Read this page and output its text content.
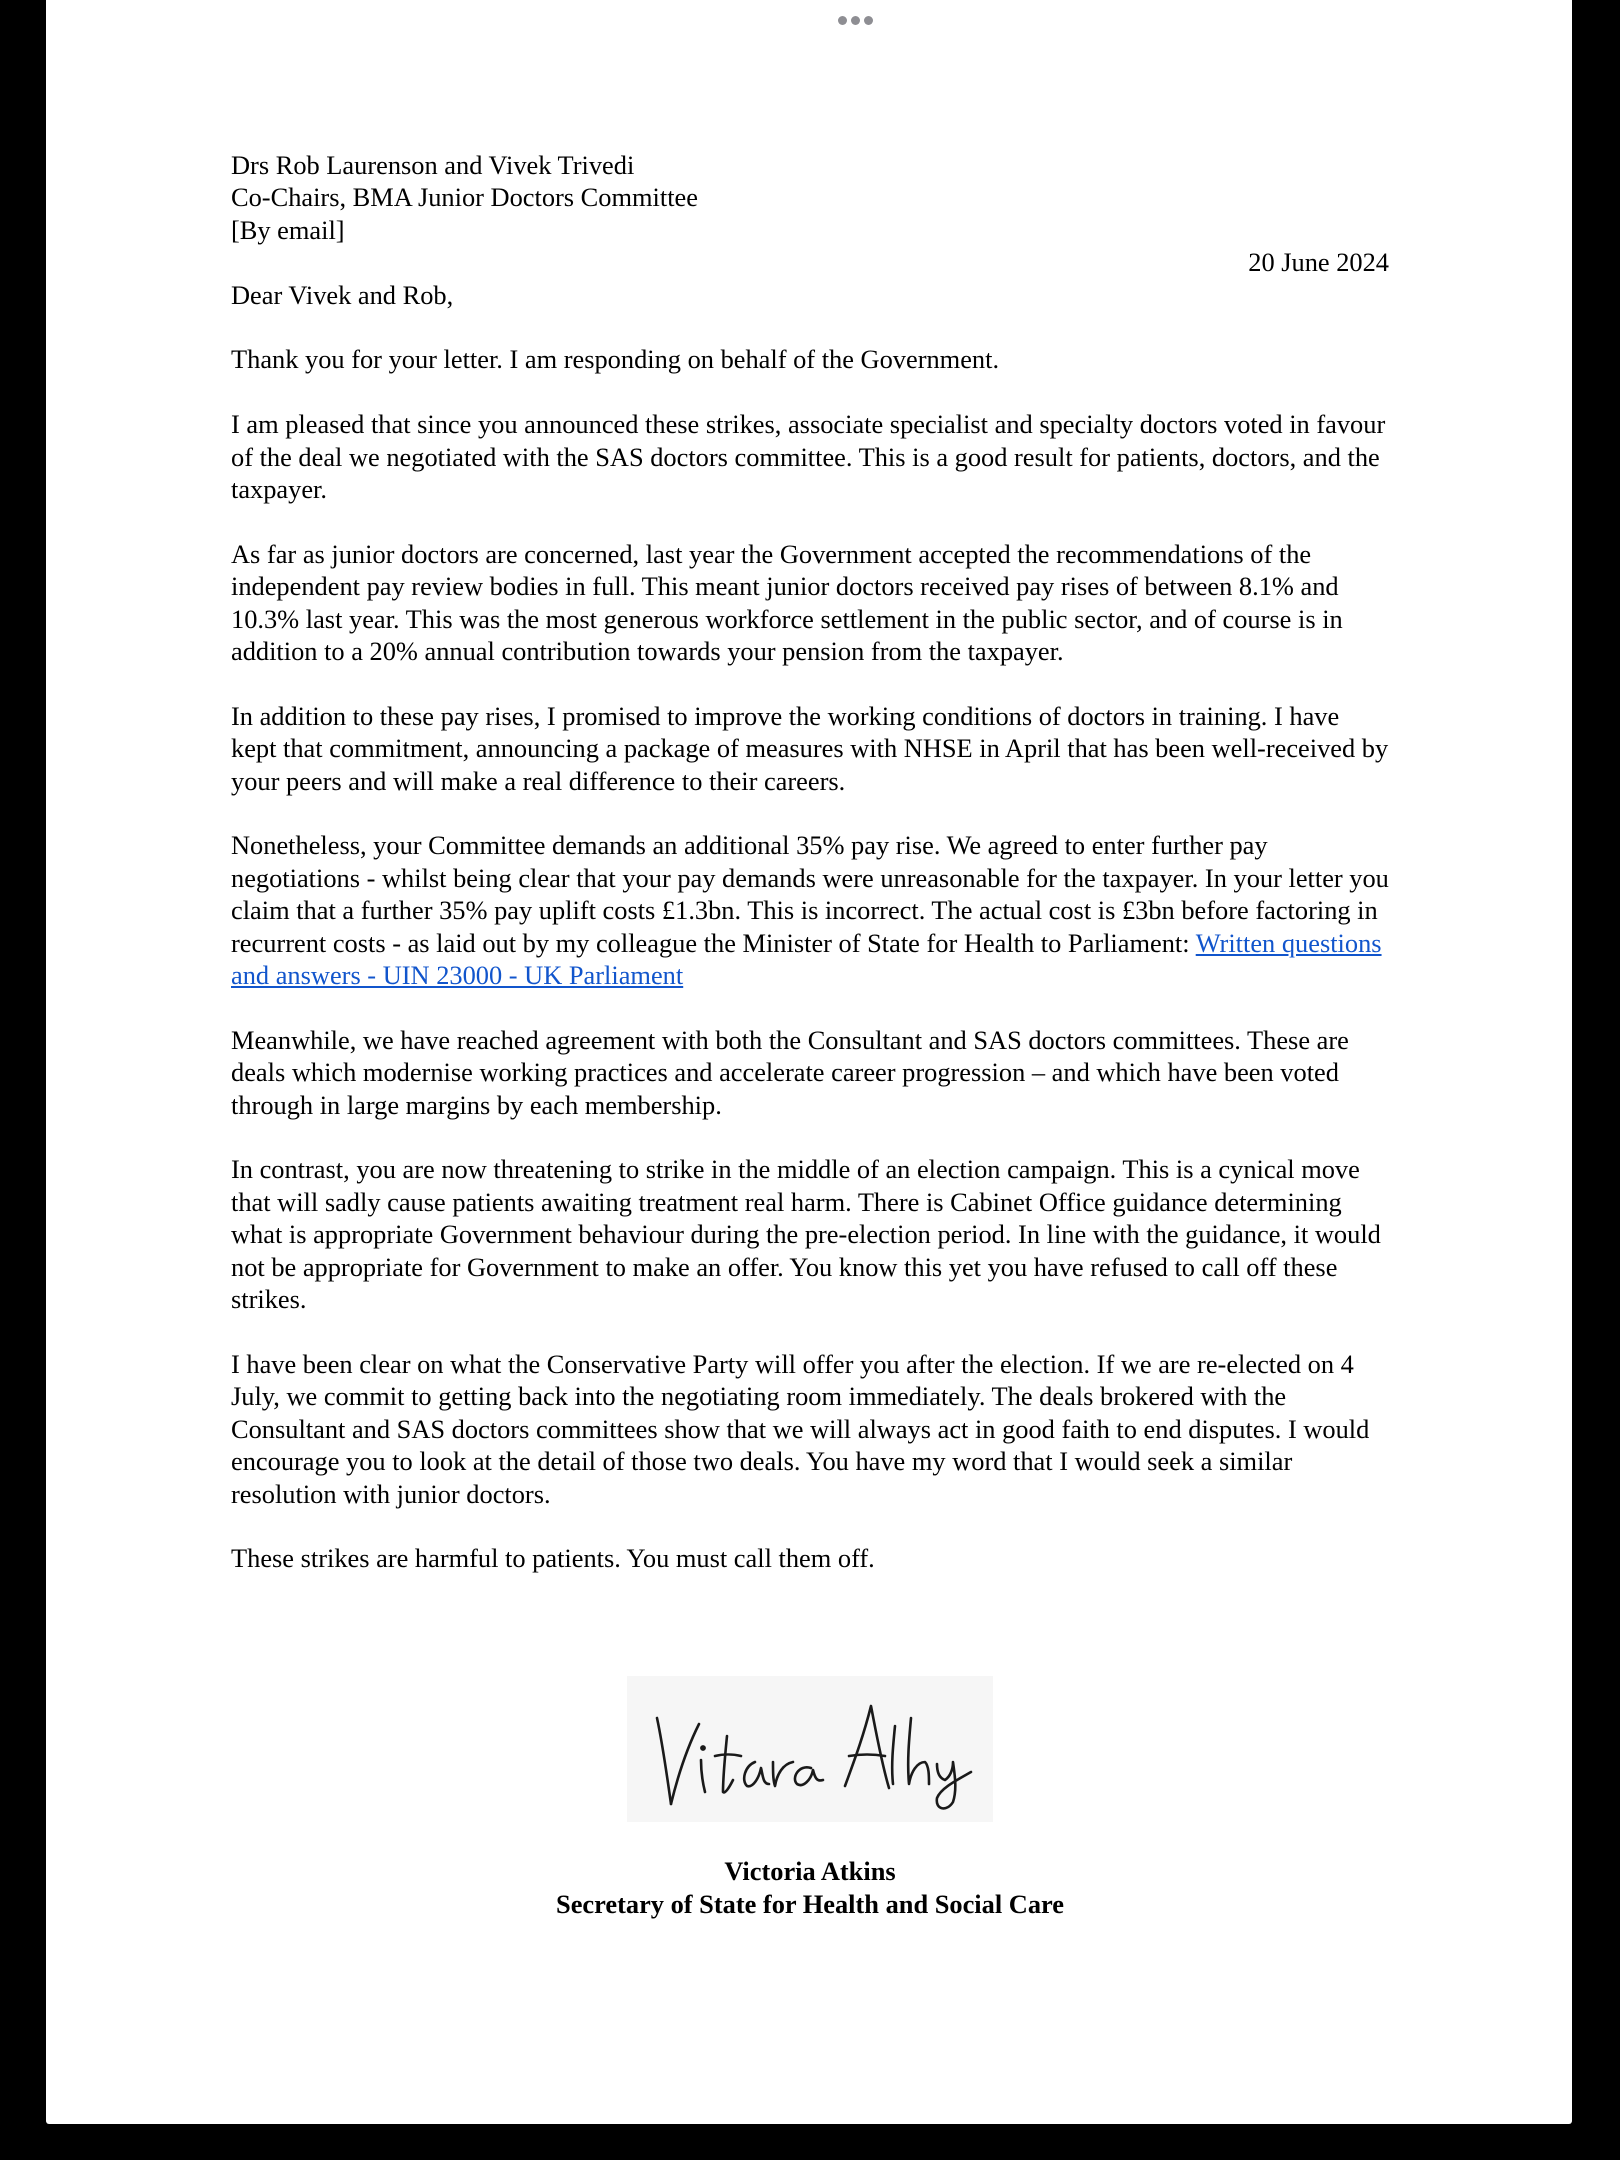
Drs Rob Laurenson and Vivek Trivedi

Co-Chairs, BMA Junior Doctors Committee

[By email]

20 June 2024

Dear Vivek and Rob,

Thank you for your letter. I am responding on behalf of the Government.

I am pleased that since you announced these strikes, associate specialist and specialty doctors voted in favour of the deal we negotiated with the SAS doctors committee. This is a good result for patients, doctors, and the taxpayer.

As far as junior doctors are concerned, last year the Government accepted the recommendations of the independent pay review bodies in full. This meant junior doctors received pay rises of between 8.1% and 10.3% last year. This was the most generous workforce settlement in the public sector, and of course is in addition to a 20% annual contribution towards your pension from the taxpayer.

In addition to these pay rises, I promised to improve the working conditions of doctors in training. I have kept that commitment, announcing a package of measures with NHSE in April that has been well-received by your peers and will make a real difference to their careers.

Nonetheless, your Committee demands an additional 35% pay rise. We agreed to enter further pay negotiations - whilst being clear that your pay demands were unreasonable for the taxpayer. In your letter you claim that a further 35% pay uplift costs £1.3bn. This is incorrect. The actual cost is £3bn before factoring in recurrent costs - as laid out by my colleague the Minister of State for Health to Parliament: Written questions and answers - UIN 23000 - UK Parliament

Meanwhile, we have reached agreement with both the Consultant and SAS doctors committees. These are deals which modernise working practices and accelerate career progression – and which have been voted through in large margins by each membership.

In contrast, you are now threatening to strike in the middle of an election campaign. This is a cynical move that will sadly cause patients awaiting treatment real harm. There is Cabinet Office guidance determining what is appropriate Government behaviour during the pre-election period. In line with the guidance, it would not be appropriate for Government to make an offer. You know this yet you have refused to call off these strikes.

I have been clear on what the Conservative Party will offer you after the election. If we are re-elected on 4 July, we commit to getting back into the negotiating room immediately. The deals brokered with the Consultant and SAS doctors committees show that we will always act in good faith to end disputes. I would encourage you to look at the detail of those two deals. You have my word that I would seek a similar resolution with junior doctors.

These strikes are harmful to patients. You must call them off.

Victoria Atkins
Secretary of State for Health and Social Care
